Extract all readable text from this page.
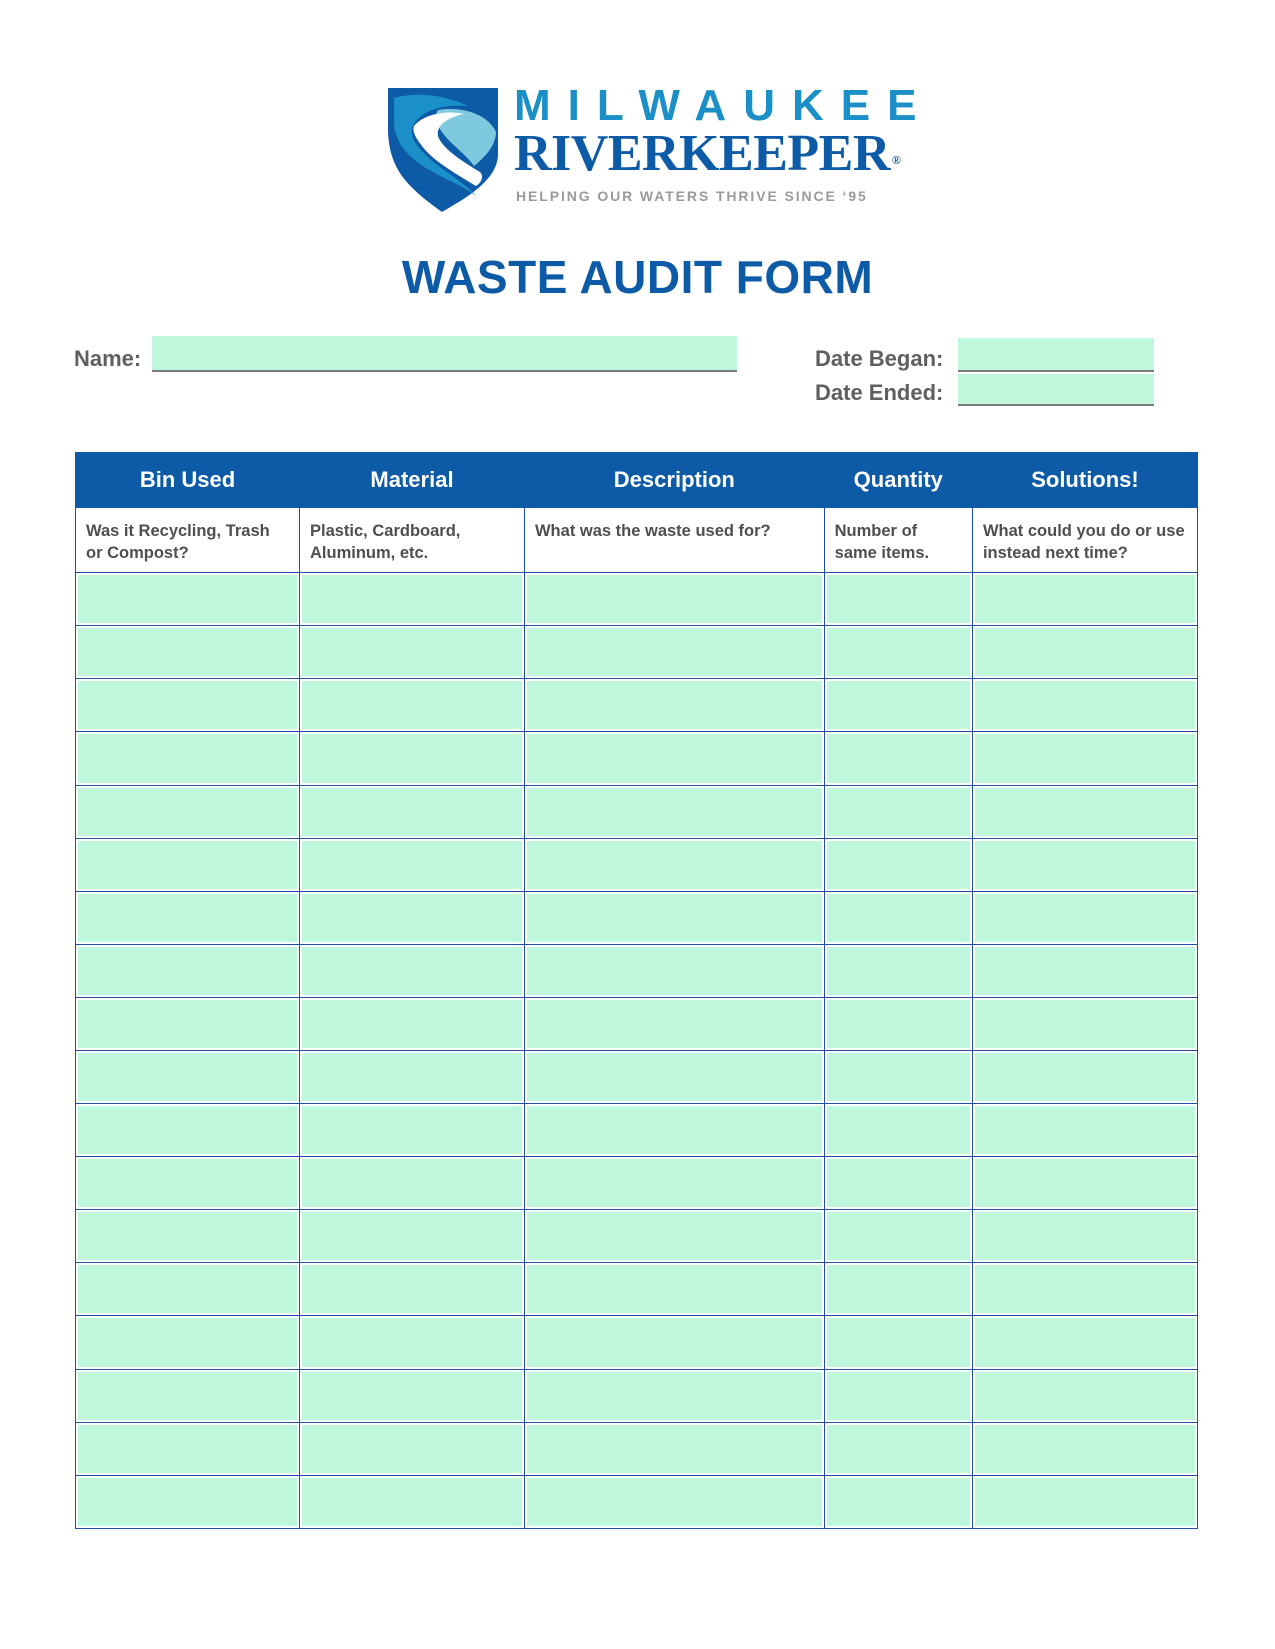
MILWAUKEE
RIVERKEEPER ®
HELPING OUR WATERS THRIVE SINCE ‘95
WASTE AUDIT FORM
Name:	Date Began:
Date Ended:
Bin Used	Material	Description	Quantity	Solutions!
Was it Recycling, Trash or Compost?	Plastic, Cardboard, Aluminum, etc.	What was the waste used for?	Number of same items.	What could you do or use instead next time?
